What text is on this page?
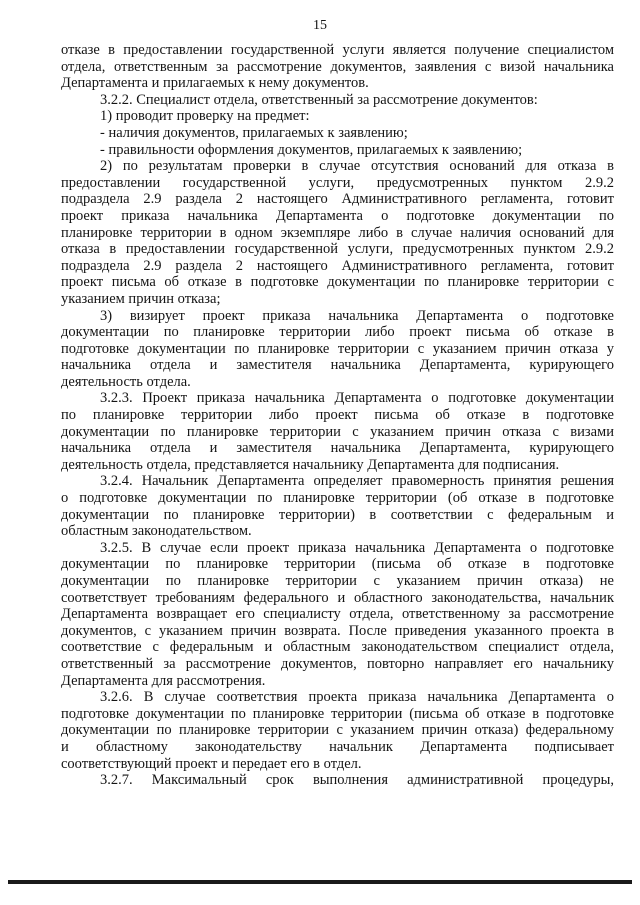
15

отказе в предоставлении государственной услуги является получение специалистом

отдела, ответственным за рассмотрение документов, заявления с визой начальника

Департамента и прилагаемых к нему документов.

3.2.2. Специалист отдела, ответственный за рассмотрение документов:

1) проводит проверку на предмет:

- наличия документов, прилагаемых к заявлению;

- правильности оформления документов, прилагаемых к заявлению;

2) по результатам проверки в случае отсутствия оснований для отказа в

предоставлении государственной услуги, предусмотренных пунктом 2.9.2

подраздела 2.9 раздела 2 настоящего Административного регламента, готовит

проект приказа начальника Департамента о подготовке документации по

планировке территории в одном экземпляре либо в случае наличия оснований для

отказа в предоставлении государственной услуги, предусмотренных пунктом 2.9.2

подраздела 2.9 раздела 2 настоящего Административного регламента, готовит

проект письма об отказе в подготовке документации по планировке территории с

указанием причин отказа;

3) визирует проект приказа начальника Департамента о подготовке

документации по планировке территории либо проект письма об отказе в

подготовке документации по планировке территории с указанием причин отказа у

начальника отдела и заместителя начальника Департамента, курирующего

деятельность отдела.

3.2.3. Проект приказа начальника Департамента о подготовке документации

по планировке территории либо проект письма об отказе в подготовке

документации по планировке территории с указанием причин отказа с визами

начальника отдела и заместителя начальника Департамента, курирующего

деятельность отдела, представляется начальнику Департамента для подписания.

3.2.4. Начальник Департамента определяет правомерность принятия решения

о подготовке документации по планировке территории (об отказе в подготовке

документации по планировке территории) в соответствии с федеральным и

областным законодательством.

3.2.5. В случае если проект приказа начальника Департамента о подготовке

документации по планировке территории (письма об отказе в подготовке

документации по планировке территории с указанием причин отказа) не

соответствует требованиям федерального и областного законодательства, начальник

Департамента возвращает его специалисту отдела, ответственному за рассмотрение

документов, с указанием причин возврата. После приведения указанного проекта в

соответствие с федеральным и областным законодательством специалист отдела,

ответственный за рассмотрение документов, повторно направляет его начальнику

Департамента для рассмотрения.

3.2.6. В случае соответствия проекта приказа начальника Департамента о

подготовке документации по планировке территории (письма об отказе в подготовке

документации по планировке территории с указанием причин отказа) федеральному

и областному законодательству начальник Департамента подписывает

соответствующий проект и передает его в отдел.

3.2.7. Максимальный срок выполнения административной процедуры,
